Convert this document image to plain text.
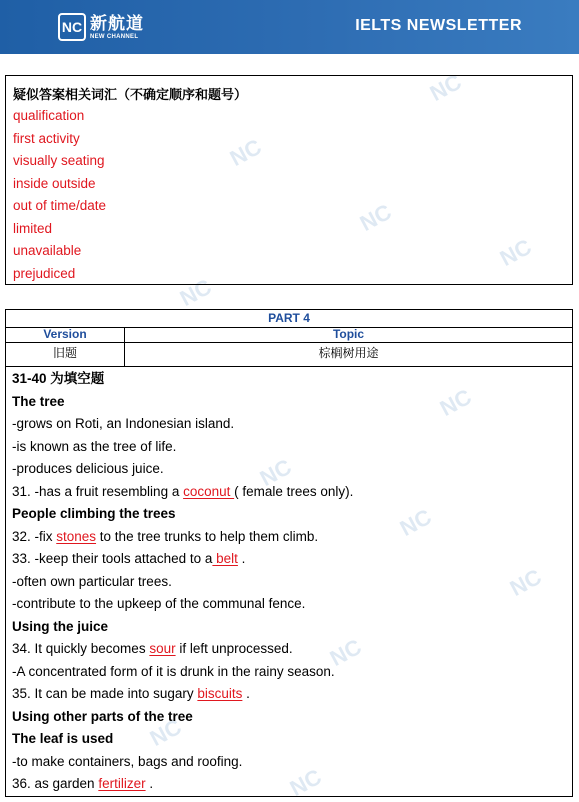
NC 新航道
NEW CHANNEL
IELTS NEWSLETTER
NC
NC
NC
NC
NC
NC
NC
NC
NC
NC
NC
NC
疑似答案相关词汇（不确定顺序和题号）
qualification
first activity
visually seating
inside outside
out of time/date
limited
unavailable
prejudiced
PART 4
Version	Topic
旧题	棕榈树用途
31-40 为填空题
The tree
-grows on Roti, an Indonesian island.
-is known as the tree of life.
-produces delicious juice.
31. -has a fruit resembling a coconut ( female trees only).
People climbing the trees
32. -fix stones to the tree trunks to help them climb.
33. -keep their tools attached to a belt .
-often own particular trees.
-contribute to the upkeep of the communal fence.
Using the juice
34. It quickly becomes sour if left unprocessed.
-A concentrated form of it is drunk in the rainy season.
35. It can be made into sugary biscuits .
Using other parts of the tree
The leaf is used
-to make containers, bags and roofing.
36. as garden fertilizer .
